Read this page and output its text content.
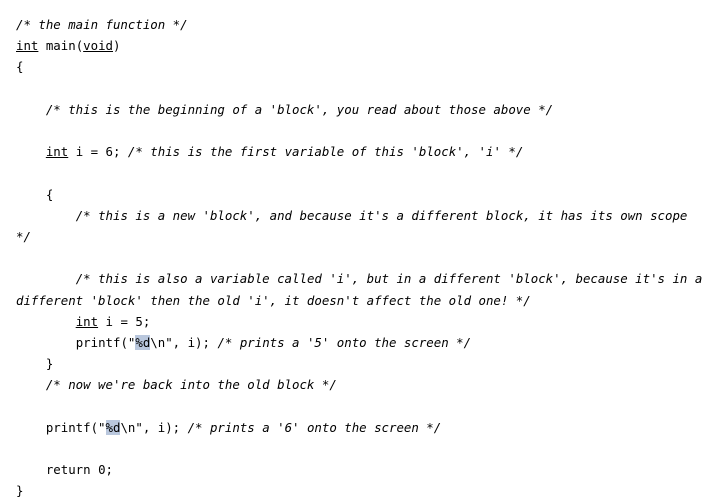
/* the main function */
int main(void)
{

/* this is the beginning of a 'block', you read about those above */

int i = 6; /* this is the first variable of this 'block', 'i' */

{
/* this is a new 'block', and because it's a different block, it has its own scope */

/* this is also a variable called 'i', but in a different 'block', because it's in a different 'block' then the old 'i', it doesn't affect the old one! */
int i = 5;
printf("%d\n", i); /* prints a '5' onto the screen */
}
/* now we're back into the old block */

printf("%d\n", i); /* prints a '6' onto the screen */

return 0;
}
